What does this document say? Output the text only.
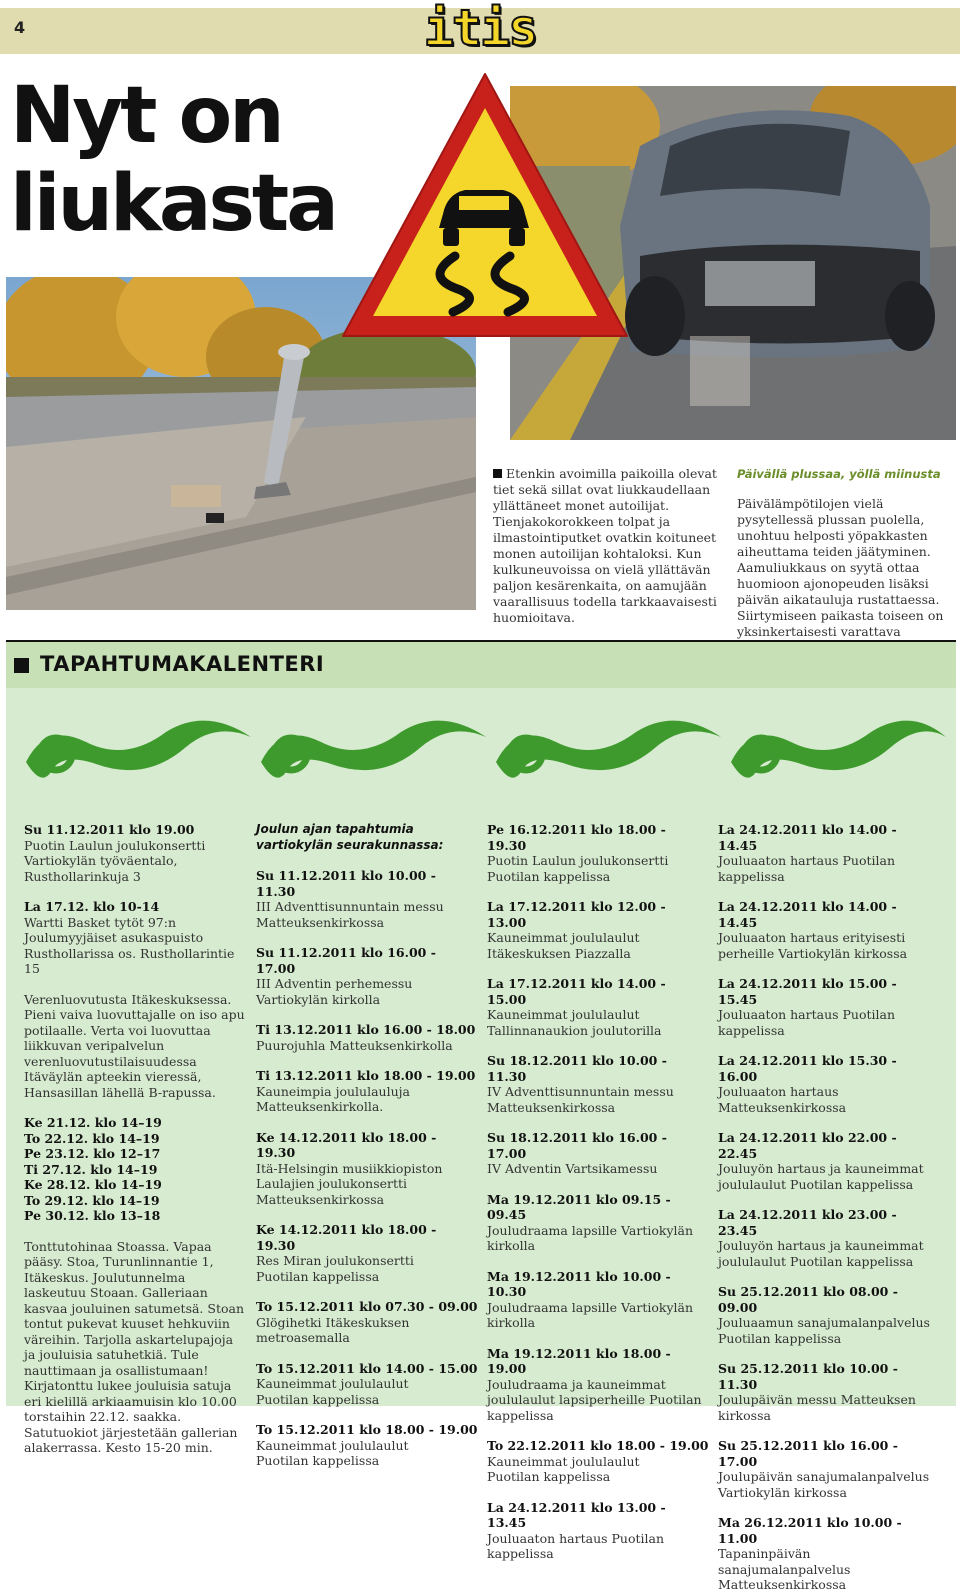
4	itis
Nyt on
liukasta
Etenkin avoimilla paikoilla olevat tiet sekä sillat ovat liukkaudellaan yllättäneet monet autoilijat. Tienjakokorokkeen tolpat ja ilmastointiputket ovatkin koituneet monen autoilijan kohtaloksi. Kun kulkuneuvoissa on vielä yllättävän paljon kesärenkaita, on aamujään vaarallisuus todella tarkkaavaisesti huomioitava.
Päivällä plussaa, yöllä miinusta
Päivälämpötilojen vielä pysytellessä plussan puolella, unohtuu helposti yöpakkasten aiheuttama teiden jäätyminen. Aamuliukkaus on syytä ottaa huomioon ajonopeuden lisäksi päivän aikatauluja rustattaessa. Siirtymiseen paikasta toiseen on yksinkertaisesti varattava
TAPAHTUMAKALENTERI
Su 11.12.2011 klo 19.00
Puotin Laulun joulukonsertti
Vartiokylän työväentalo, Rusthollarinkuja 3
La 17.12. klo 10-14
Wartti Basket tytöt 97:n Joulumyyjäiset asukaspuisto Rusthollarissa os. Rusthollarintie 15
Verenluovutusta Itäkeskuksessa. Pieni vaiva luovuttajalle on iso apu potilaalle. Verta voi luovuttaa liikkuvan veripalvelun verenluovutustilaisuudessa Itäväylän apteekin vieressä, Hansasillan lähellä B-rapussa.
Ke 21.12. klo 14–19
To 22.12. klo 14–19
Pe 23.12. klo 12–17
Ti 27.12. klo 14–19
Ke 28.12. klo 14–19
To 29.12. klo 14–19
Pe 30.12. klo 13–18
Tonttutohinaa Stoassa. Vapaa pääsy. Stoa, Turunlinnantie 1, Itäkeskus. Joulutunnelma laskeutuu Stoaan. Galleriaan kasvaa jouluinen satumetsä. Stoan tontut pukevat kuuset hehkuviin väreihin. Tarjolla askartelupajoja ja jouluisia satuhetkiä. Tule nauttimaan ja osallistumaan! Kirjatonttu lukee jouluisia satuja eri kielillä arkiaamuisin klo 10.00 torstaihin 22.12. saakka. Satutuokiot järjestetään gallerian alakerrassa. Kesto 15-20 min.
Joulun ajan tapahtumia vartiokylän seurakunnassa:
Su 11.12.2011 klo 10.00 - 11.30
III Adventtisunnuntain messu Matteuksenkirkossa
Su 11.12.2011 klo 16.00 - 17.00
III Adventin perhemessu Vartiokylän kirkolla
Ti 13.12.2011 klo 16.00 - 18.00
Puurojuhla Matteuksenkirkolla
Ti 13.12.2011 klo 18.00 - 19.00
Kauneimpia joululauluja
Matteuksenkirkolla.
Ke 14.12.2011 klo 18.00 - 19.30
Itä-Helsingin musiikkiopiston Laulajien joulukonsertti Matteuksenkirkossa
Ke 14.12.2011 klo 18.00 - 19.30
Res Miran joulukonsertti
Puotilan kappelissa
To 15.12.2011 klo 07.30 - 09.00
Glögihetki Itäkeskuksen metroasemalla
To 15.12.2011 klo 14.00 - 15.00
Kauneimmat joululaulut
Puotilan kappelissa
To 15.12.2011 klo 18.00 - 19.00
Kauneimmat joululaulut
Puotilan kappelissa
Pe 16.12.2011 klo 18.00 - 19.30
Puotin Laulun joulukonsertti
Puotilan kappelissa
La 17.12.2011 klo 12.00 - 13.00
Kauneimmat joululaulut
Itäkeskuksen Piazzalla
La 17.12.2011 klo 14.00 - 15.00
Kauneimmat joululaulut
Tallinnanaukion joulutorilla
Su 18.12.2011 klo 10.00 - 11.30
IV Adventtisunnuntain messu
Matteuksenkirkossa
Su 18.12.2011 klo 16.00 - 17.00
IV Adventin Vartsikamessu
Ma 19.12.2011 klo 09.15 - 09.45
Jouludraama lapsille Vartiokylän kirkolla
Ma 19.12.2011 klo 10.00 - 10.30
Jouludraama lapsille Vartiokylän kirkolla
Ma 19.12.2011 klo 18.00 - 19.00
Jouludraama ja kauneimmat joululaulut lapsiperheille Puotilan kappelissa
To 22.12.2011 klo 18.00 - 19.00
Kauneimmat joululaulut
Puotilan kappelissa
La 24.12.2011 klo 13.00 - 13.45
Jouluaaton hartaus Puotilan kappelissa
La 24.12.2011 klo 14.00 - 14.45
Jouluaaton hartaus Puotilan kappelissa
La 24.12.2011 klo 14.00 - 14.45
Jouluaaton hartaus erityisesti perheille Vartiokylän kirkossa
La 24.12.2011 klo 15.00 - 15.45
Jouluaaton hartaus Puotilan kappelissa
La 24.12.2011 klo 15.30 - 16.00
Jouluaaton hartaus Matteuksenkirkossa
La 24.12.2011 klo 22.00 - 22.45
Jouluyön hartaus ja kauneimmat joululaulut Puotilan kappelissa
La 24.12.2011 klo 23.00 - 23.45
Jouluyön hartaus ja kauneimmat joululaulut Puotilan kappelissa
Su 25.12.2011 klo 08.00 - 09.00
Jouluaamun sanajumalanpalvelus Puotilan kappelissa
Su 25.12.2011 klo 10.00 - 11.30
Joulupäivän messu Matteuksen kirkossa
Su 25.12.2011 klo 16.00 - 17.00
Joulupäivän sanajumalanpalvelus Vartiokylän kirkossa
Ma 26.12.2011 klo 10.00 - 11.00
Tapaninpäivän sanajumalanpalvelus Matteuksenkirkossa
